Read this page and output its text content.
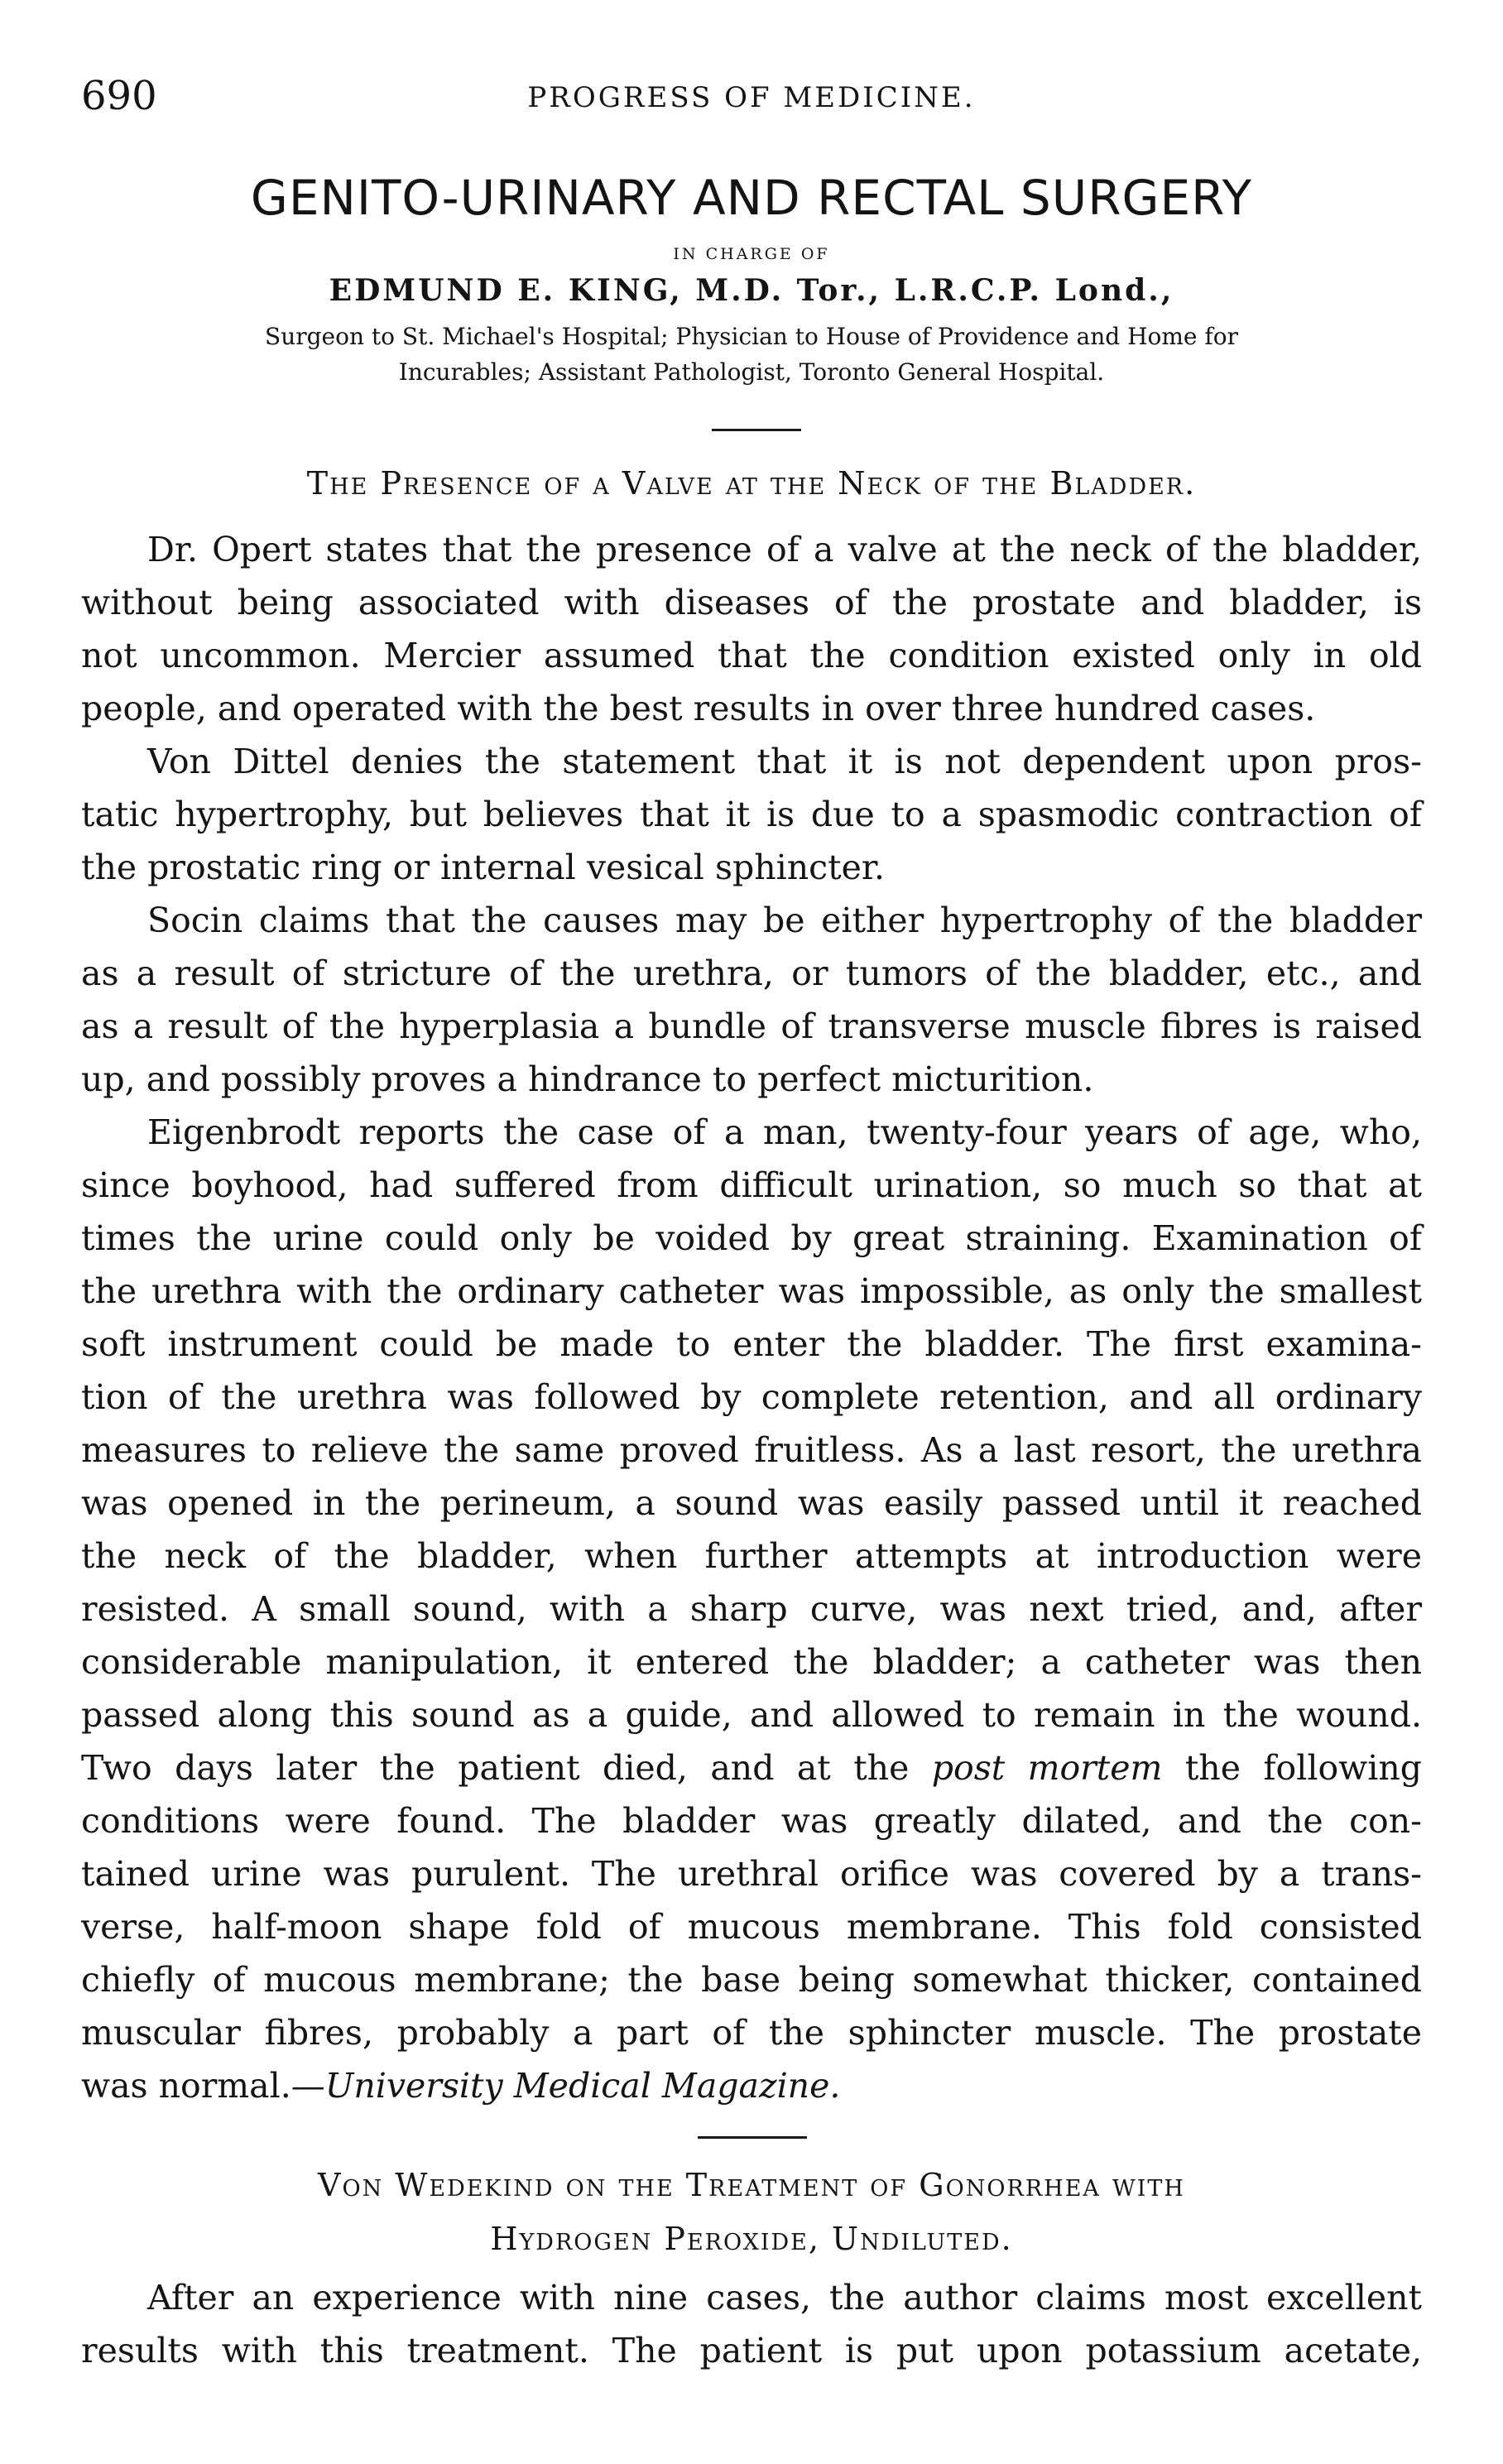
690	PROGRESS OF MEDICINE.
GENITO-URINARY AND RECTAL SURGERY
IN CHARGE OF
EDMUND E. KING, M.D. Tor., L.R.C.P. Lond.,
Surgeon to St. Michael's Hospital; Physician to House of Providence and Home for
Incurables; Assistant Pathologist, Toronto General Hospital.
The Presence of a Valve at the Neck of the Bladder.
Dr. Opert states that the presence of a valve at the neck of the bladder,
without being associated with diseases of the prostate and bladder, is
not uncommon. Mercier assumed that the condition existed only in old
people, and operated with the best results in over three hundred cases.
Von Dittel denies the statement that it is not dependent upon pros-
tatic hypertrophy, but believes that it is due to a spasmodic contraction of
the prostatic ring or internal vesical sphincter.
Socin claims that the causes may be either hypertrophy of the bladder
as a result of stricture of the urethra, or tumors of the bladder, etc., and
as a result of the hyperplasia a bundle of transverse muscle fibres is raised
up, and possibly proves a hindrance to perfect micturition.
Eigenbrodt reports the case of a man, twenty-four years of age, who,
since boyhood, had suffered from difficult urination, so much so that at
times the urine could only be voided by great straining. Examination of
the urethra with the ordinary catheter was impossible, as only the smallest
soft instrument could be made to enter the bladder. The first examina-
tion of the urethra was followed by complete retention, and all ordinary
measures to relieve the same proved fruitless. As a last resort, the urethra
was opened in the perineum, a sound was easily passed until it reached
the neck of the bladder, when further attempts at introduction were
resisted. A small sound, with a sharp curve, was next tried, and, after
considerable manipulation, it entered the bladder; a catheter was then
passed along this sound as a guide, and allowed to remain in the wound.
Two days later the patient died, and at the post mortem the following
conditions were found. The bladder was greatly dilated, and the con-
tained urine was purulent. The urethral orifice was covered by a trans-
verse, half-moon shape fold of mucous membrane. This fold consisted
chiefly of mucous membrane; the base being somewhat thicker, contained
muscular fibres, probably a part of the sphincter muscle. The prostate
was normal.—University Medical Magazine.
Von Wedekind on the Treatment of Gonorrhea with
Hydrogen Peroxide, Undiluted.
After an experience with nine cases, the author claims most excellent
results with this treatment. The patient is put upon potassium acetate,
